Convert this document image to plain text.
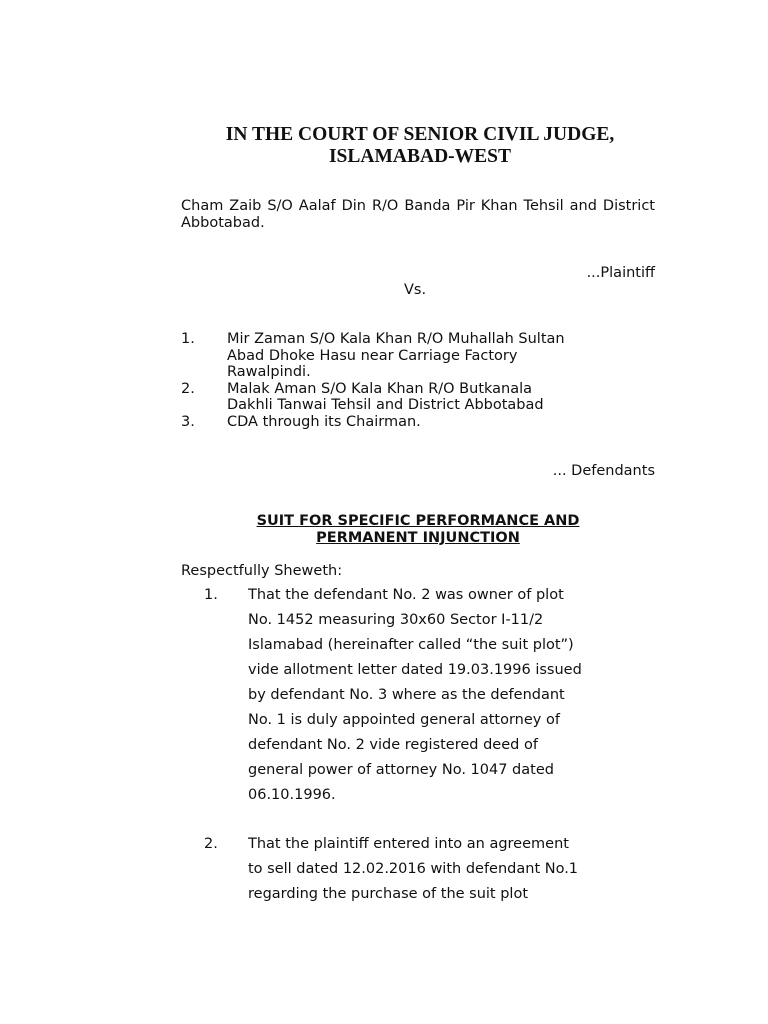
IN THE COURT OF SENIOR CIVIL JUDGE,
ISLAMABAD-WEST
Cham Zaib S/O Aalaf Din R/O Banda Pir Khan Tehsil and District Abbotabad.
...Plaintiff
Vs.
1.	Mir Zaman S/O Kala Khan R/O Muhallah Sultan
Abad Dhoke Hasu near Carriage Factory
Rawalpindi.
2.	Malak Aman S/O Kala Khan R/O Butkanala
Dakhli Tanwai Tehsil and District Abbotabad
3.	CDA through its Chairman.
... Defendants
SUIT FOR SPECIFIC PERFORMANCE AND
PERMANENT INJUNCTION
Respectfully Sheweth:
1.	That the defendant No. 2 was owner of plot
No. 1452 measuring 30x60 Sector I-11/2
Islamabad (hereinafter called “the suit plot”)
vide allotment letter dated 19.03.1996 issued
by defendant No. 3 where as the defendant
No. 1 is duly appointed general attorney of
defendant No. 2 vide registered deed of
general power of attorney No. 1047 dated
06.10.1996.
2.	That the plaintiff entered into an agreement
to sell dated 12.02.2016 with defendant No.1
regarding the purchase of the suit plot
